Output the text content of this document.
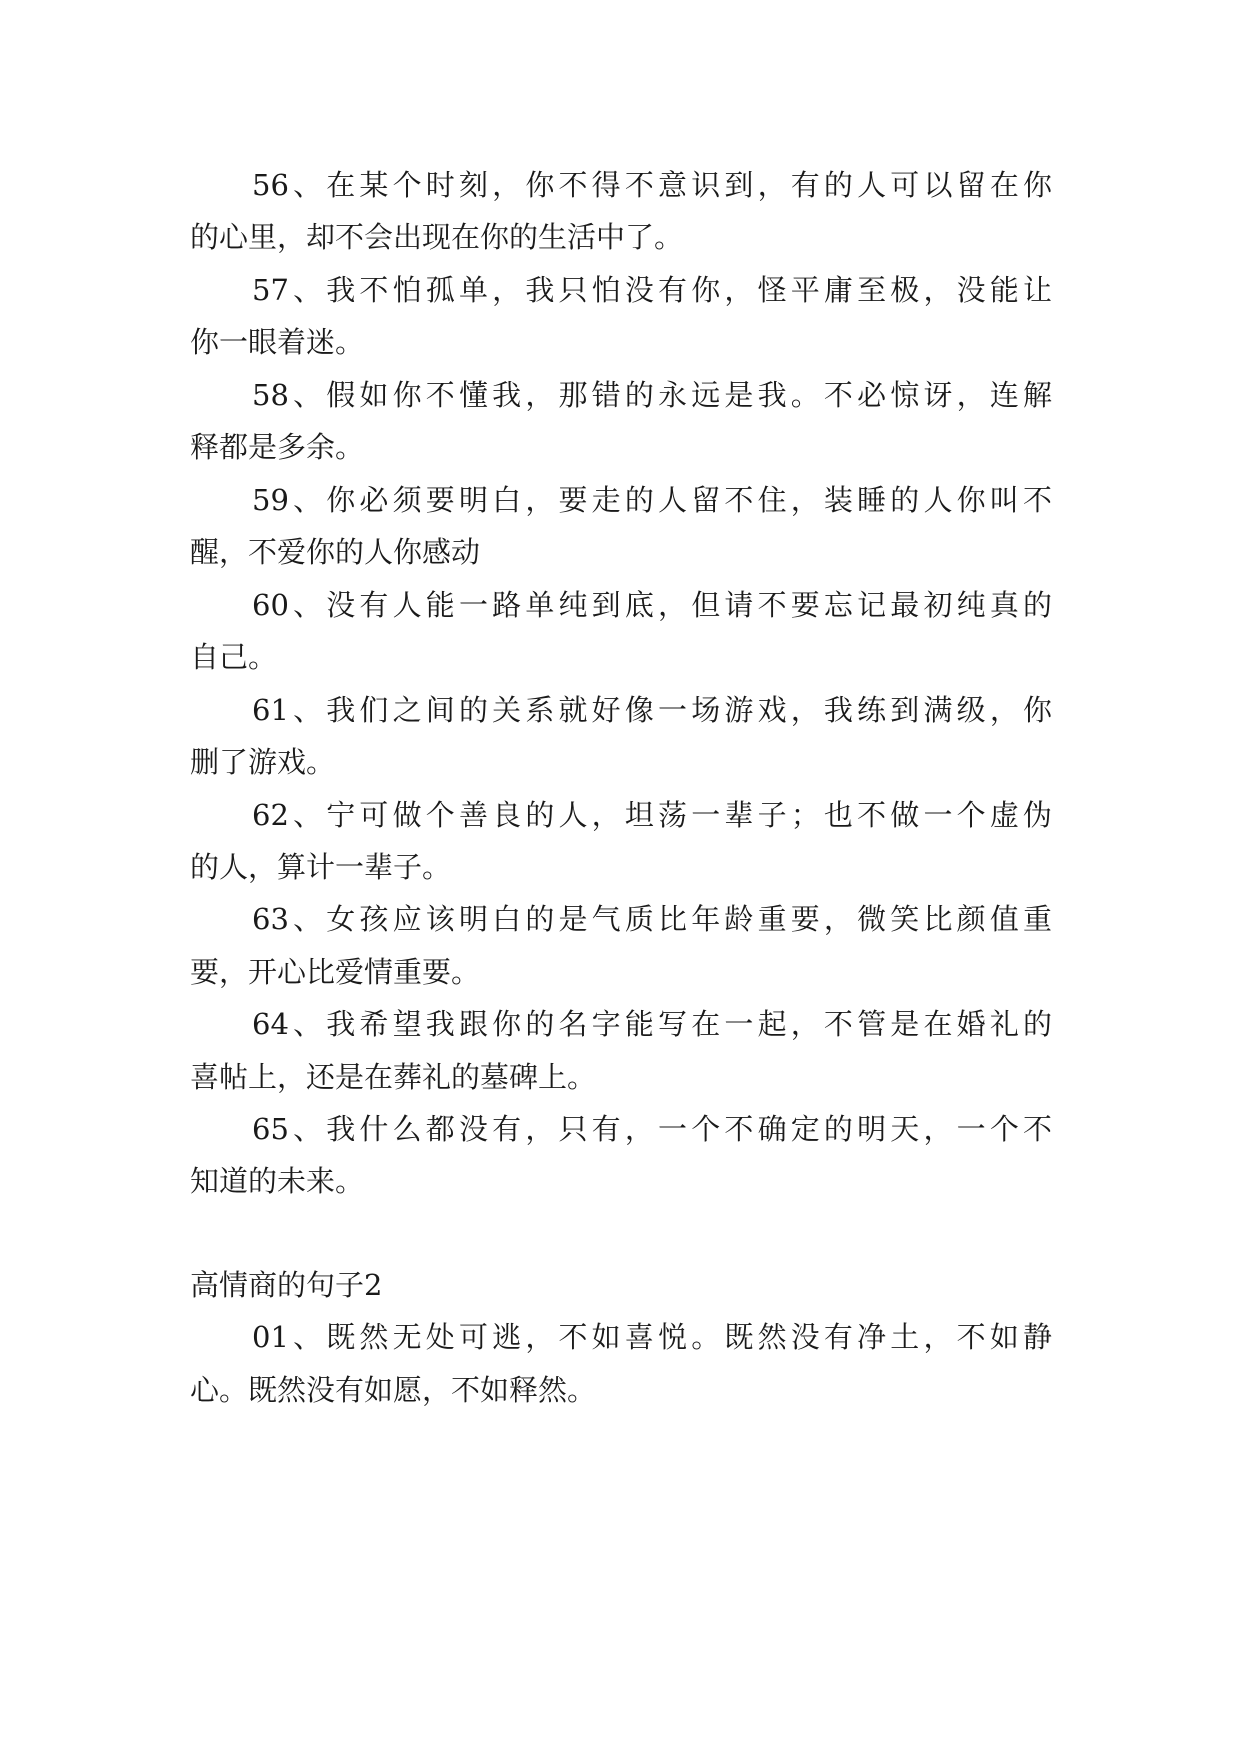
56、在某个时刻，你不得不意识到，有的人可以留在你
的心里，却不会出现在你的生活中了。
57、我不怕孤单，我只怕没有你，怪平庸至极，没能让
你一眼着迷。
58、假如你不懂我，那错的永远是我。不必惊讶，连解
释都是多余。
59、你必须要明白，要走的人留不住，装睡的人你叫不
醒，不爱你的人你感动
60、没有人能一路单纯到底，但请不要忘记最初纯真的
自己。
61、我们之间的关系就好像一场游戏，我练到满级，你
删了游戏。
62、宁可做个善良的人，坦荡一辈子；也不做一个虚伪
的人，算计一辈子。
63、女孩应该明白的是气质比年龄重要，微笑比颜值重
要，开心比爱情重要。
64、我希望我跟你的名字能写在一起，不管是在婚礼的
喜帖上，还是在葬礼的墓碑上。
65、我什么都没有，只有，一个不确定的明天，一个不
知道的未来。
高情商的句子2
01、既然无处可逃，不如喜悦。既然没有净土，不如静
心。既然没有如愿，不如释然。
